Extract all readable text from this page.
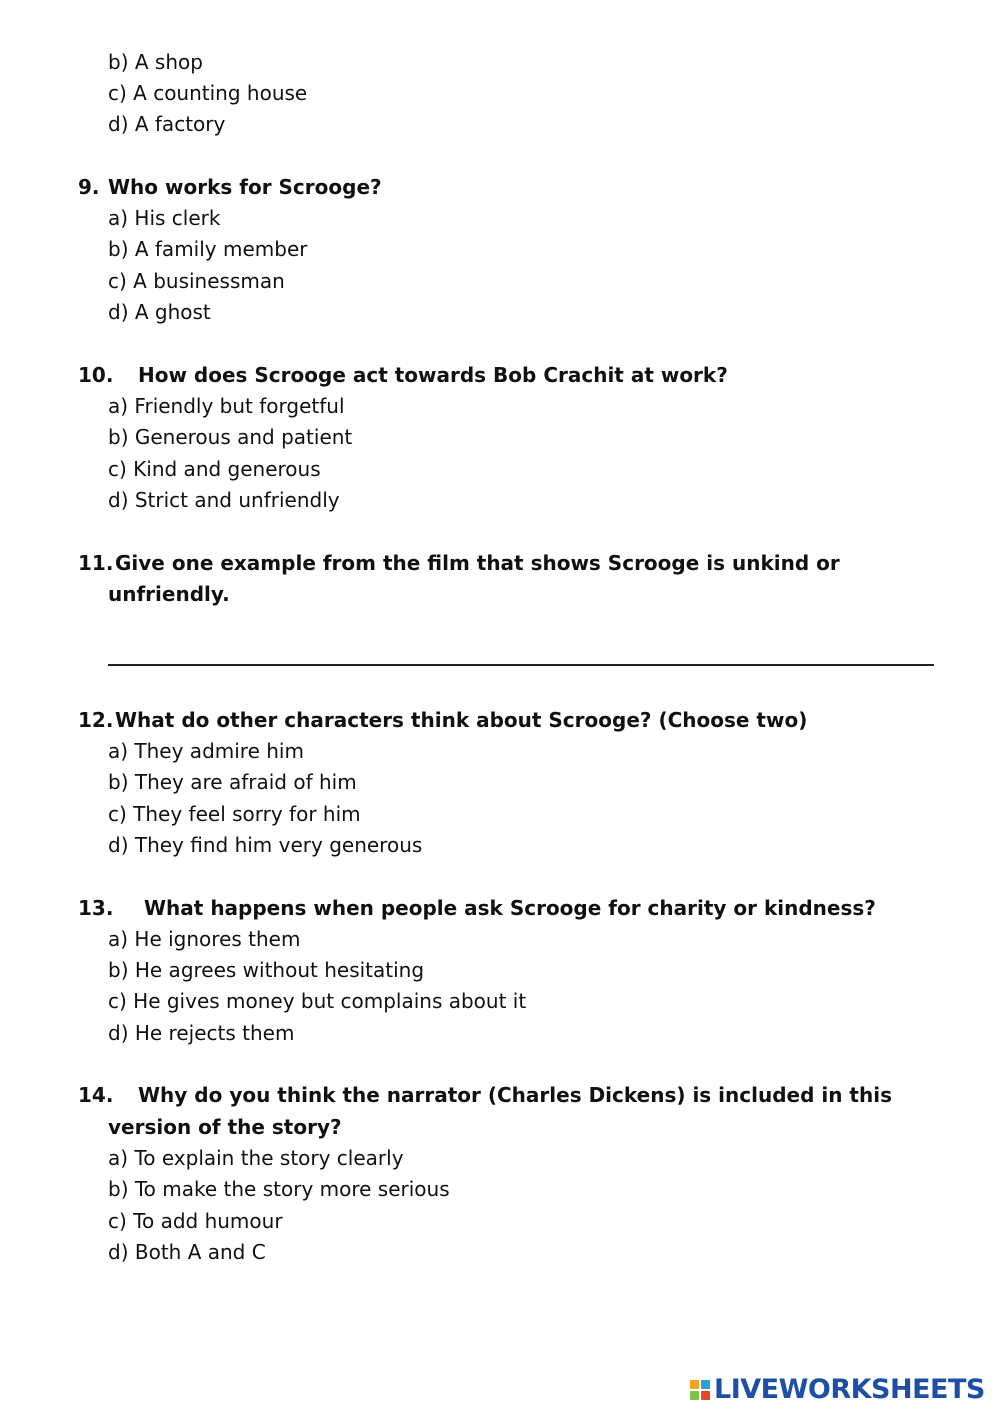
b) A shop
c) A counting house
d) A factory
9. Who works for Scrooge?
a) His clerk
b) A family member
c) A businessman
d) A ghost
10. How does Scrooge act towards Bob Crachit at work?
a) Friendly but forgetful
b) Generous and patient
c) Kind and generous
d) Strict and unfriendly
11. Give one example from the film that shows Scrooge is unkind or
unfriendly.
12. What do other characters think about Scrooge? (Choose two)
a) They admire him
b) They are afraid of him
c) They feel sorry for him
d) They find him very generous
13. What happens when people ask Scrooge for charity or kindness?
a) He ignores them
b) He agrees without hesitating
c) He gives money but complains about it
d) He rejects them
14. Why do you think the narrator (Charles Dickens) is included in this
version of the story?
a) To explain the story clearly
b) To make the story more serious
c) To add humour
d) Both A and C
LIVEWORKSHEETS
